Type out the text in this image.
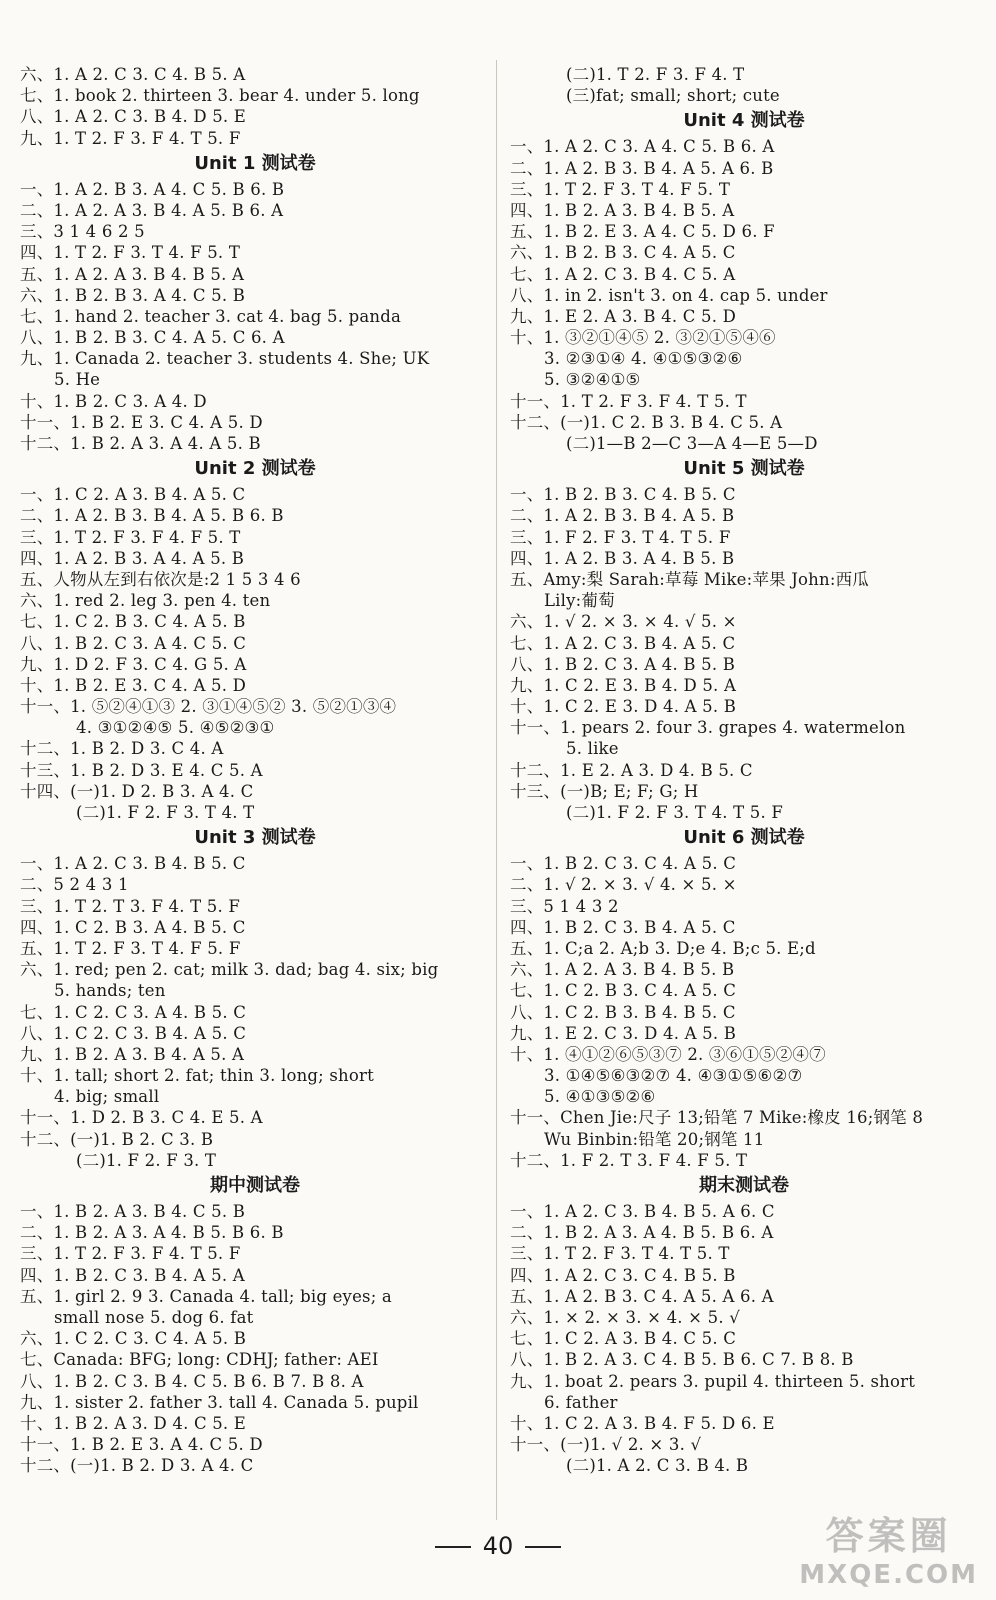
六、1. A 2. C 3. C 4. B 5. A
七、1. book 2. thirteen 3. bear 4. under 5. long
八、1. A 2. C 3. B 4. D 5. E
九、1. T 2. F 3. F 4. T 5. F
Unit 1 测试卷
一、1. A 2. B 3. A 4. C 5. B 6. B
二、1. A 2. A 3. B 4. A 5. B 6. A
三、3 1 4 6 2 5
四、1. T 2. F 3. T 4. F 5. T
五、1. A 2. A 3. B 4. B 5. A
六、1. B 2. B 3. A 4. C 5. B
七、1. hand 2. teacher 3. cat 4. bag 5. panda
八、1. B 2. B 3. C 4. A 5. C 6. A
九、1. Canada 2. teacher 3. students 4. She; UK
5. He
十、1. B 2. C 3. A 4. D
十一、1. B 2. E 3. C 4. A 5. D
十二、1. B 2. A 3. A 4. A 5. B
Unit 2 测试卷
一、1. C 2. A 3. B 4. A 5. C
二、1. A 2. B 3. B 4. A 5. B 6. B
三、1. T 2. F 3. F 4. F 5. T
四、1. A 2. B 3. A 4. A 5. B
五、人物从左到右依次是:2 1 5 3 4 6
六、1. red 2. leg 3. pen 4. ten
七、1. C 2. B 3. C 4. A 5. B
八、1. B 2. C 3. A 4. C 5. C
九、1. D 2. F 3. C 4. G 5. A
十、1. B 2. E 3. C 4. A 5. D
十一、1. ⑤②④①③ 2. ③①④⑤② 3. ⑤②①③④
4. ③①②④⑤ 5. ④⑤②③①
十二、1. B 2. D 3. C 4. A
十三、1. B 2. D 3. E 4. C 5. A
十四、(一)1. D 2. B 3. A 4. C
(二)1. F 2. F 3. T 4. T
Unit 3 测试卷
一、1. A 2. C 3. B 4. B 5. C
二、5 2 4 3 1
三、1. T 2. T 3. F 4. T 5. F
四、1. C 2. B 3. A 4. B 5. C
五、1. T 2. F 3. T 4. F 5. F
六、1. red; pen 2. cat; milk 3. dad; bag 4. six; big
5. hands; ten
七、1. C 2. C 3. A 4. B 5. C
八、1. C 2. C 3. B 4. A 5. C
九、1. B 2. A 3. B 4. A 5. A
十、1. tall; short 2. fat; thin 3. long; short
4. big; small
十一、1. D 2. B 3. C 4. E 5. A
十二、(一)1. B 2. C 3. B
(二)1. F 2. F 3. T
期中测试卷
一、1. B 2. A 3. B 4. C 5. B
二、1. B 2. A 3. A 4. B 5. B 6. B
三、1. T 2. F 3. F 4. T 5. F
四、1. B 2. C 3. B 4. A 5. A
五、1. girl 2. 9 3. Canada 4. tall; big eyes; a
small nose 5. dog 6. fat
六、1. C 2. C 3. C 4. A 5. B
七、Canada: BFG; long: CDHJ; father: AEI
八、1. B 2. C 3. B 4. C 5. B 6. B 7. B 8. A
九、1. sister 2. father 3. tall 4. Canada 5. pupil
十、1. B 2. A 3. D 4. C 5. E
十一、1. B 2. E 3. A 4. C 5. D
十二、(一)1. B 2. D 3. A 4. C
(二)1. T 2. F 3. F 4. T
(三)fat; small; short; cute
Unit 4 测试卷
一、1. A 2. C 3. A 4. C 5. B 6. A
二、1. A 2. B 3. B 4. A 5. A 6. B
三、1. T 2. F 3. T 4. F 5. T
四、1. B 2. A 3. B 4. B 5. A
五、1. B 2. E 3. A 4. C 5. D 6. F
六、1. B 2. B 3. C 4. A 5. C
七、1. A 2. C 3. B 4. C 5. A
八、1. in 2. isn't 3. on 4. cap 5. under
九、1. E 2. A 3. B 4. C 5. D
十、1. ③②①④⑤ 2. ③②①⑤④⑥
3. ②③①④ 4. ④①⑤③②⑥
5. ③②④①⑤
十一、1. T 2. F 3. F 4. T 5. T
十二、(一)1. C 2. B 3. B 4. C 5. A
(二)1—B 2—C 3—A 4—E 5—D
Unit 5 测试卷
一、1. B 2. B 3. C 4. B 5. C
二、1. A 2. B 3. B 4. A 5. B
三、1. F 2. F 3. T 4. T 5. F
四、1. A 2. B 3. A 4. B 5. B
五、Amy:梨 Sarah:草莓 Mike:苹果 John:西瓜
Lily:葡萄
六、1. √ 2. × 3. × 4. √ 5. ×
七、1. A 2. C 3. B 4. A 5. C
八、1. B 2. C 3. A 4. B 5. B
九、1. C 2. E 3. B 4. D 5. A
十、1. C 2. E 3. D 4. A 5. B
十一、1. pears 2. four 3. grapes 4. watermelon
5. like
十二、1. E 2. A 3. D 4. B 5. C
十三、(一)B; E; F; G; H
(二)1. F 2. F 3. T 4. T 5. F
Unit 6 测试卷
一、1. B 2. C 3. C 4. A 5. C
二、1. √ 2. × 3. √ 4. × 5. ×
三、5 1 4 3 2
四、1. B 2. C 3. B 4. A 5. C
五、1. C;a 2. A;b 3. D;e 4. B;c 5. E;d
六、1. A 2. A 3. B 4. B 5. B
七、1. C 2. B 3. C 4. A 5. C
八、1. C 2. B 3. B 4. B 5. C
九、1. E 2. C 3. D 4. A 5. B
十、1. ④①②⑥⑤③⑦ 2. ③⑥①⑤②④⑦
3. ①④⑤⑥③②⑦ 4. ④③①⑤⑥②⑦
5. ④①③⑤②⑥
十一、Chen Jie:尺子 13;铅笔 7 Mike:橡皮 16;钢笔 8
Wu Binbin:铅笔 20;钢笔 11
十二、1. F 2. T 3. F 4. F 5. T
期末测试卷
一、1. A 2. C 3. B 4. B 5. A 6. C
二、1. B 2. A 3. A 4. B 5. B 6. A
三、1. T 2. F 3. T 4. T 5. T
四、1. A 2. C 3. C 4. B 5. B
五、1. A 2. B 3. C 4. A 5. A 6. A
六、1. × 2. × 3. × 4. × 5. √
七、1. C 2. A 3. B 4. C 5. C
八、1. B 2. A 3. C 4. B 5. B 6. C 7. B 8. B
九、1. boat 2. pears 3. pupil 4. thirteen 5. short
6. father
十、1. C 2. A 3. B 4. F 5. D 6. E
十一、(一)1. √ 2. × 3. √
(二)1. A 2. C 3. B 4. B
40	答案圈
MXQE.COM
